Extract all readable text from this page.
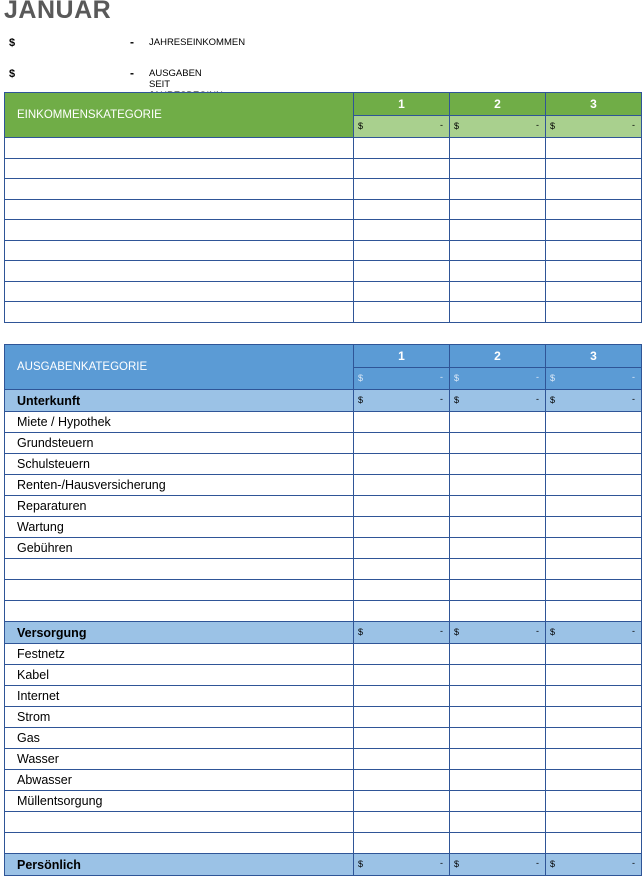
JANUAR
$	- JAHRESEINKOMMEN
$	- AUSGABEN SEIT
EINKOMMENSKATEGORIE	1	2	3

	$ -	$ -	$ -

AUSGABENKATEGORIE	1	2	3

	$ -	$ -	$ -

Unterkunft	$ -	$ -	$ -

Miete / Hypothek			
Grundsteuern			
Schulsteuern			
Renten-/Hausversicherung			
Reparaturen			
Wartung			
Gebühren			

Versorgung	$ -	$ -	$ -

Festnetz			
Kabel			
Internet			
Strom			
Gas			
Wasser			
Abwasser			
Müllentsorgung			

Persönlich	$ -	$ -	$ -
